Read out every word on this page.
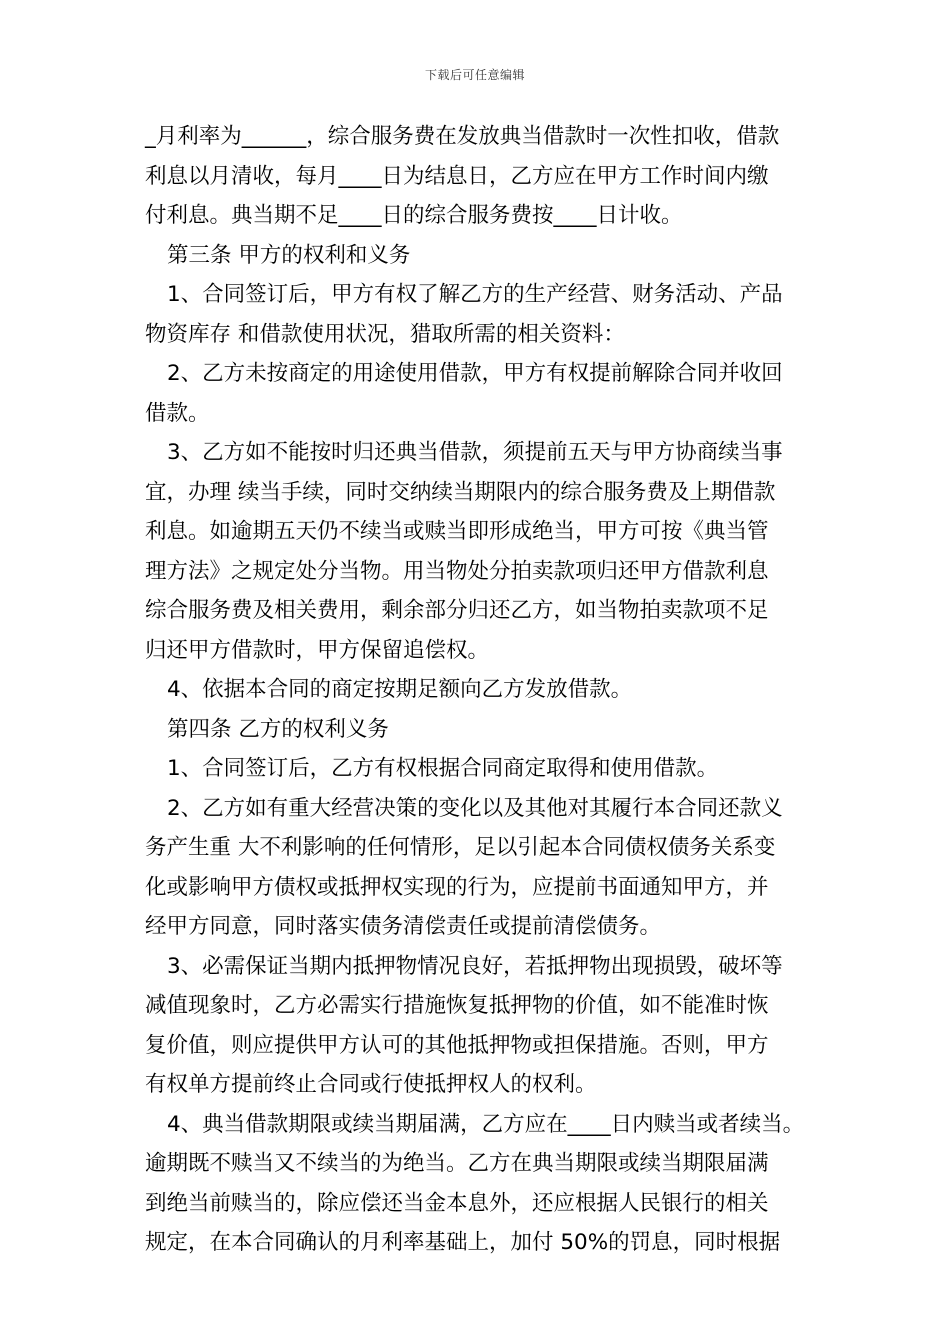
下载后可任意编辑
_月利率为______，综合服务费在发放典当借款时一次性扣收，借款
利息以月清收，每月____日为结息日，乙方应在甲方工作时间内缴
付利息。典当期不足____日的综合服务费按____日计收。
第三条 甲方的权利和义务
1、合同签订后，甲方有权了解乙方的生产经营、财务活动、产品
物资库存 和借款使用状况，猎取所需的相关资料：
2、乙方未按商定的用途使用借款，甲方有权提前解除合同并收回
借款。
3、乙方如不能按时归还典当借款，须提前五天与甲方协商续当事
宜，办理 续当手续，同时交纳续当期限内的综合服务费及上期借款
利息。如逾期五天仍不续当或赎当即形成绝当，甲方可按《典当管
理方法》之规定处分当物。用当物处分拍卖款项归还甲方借款利息
综合服务费及相关费用，剩余部分归还乙方，如当物拍卖款项不足
归还甲方借款时，甲方保留追偿权。
4、依据本合同的商定按期足额向乙方发放借款。
第四条 乙方的权利义务
1、合同签订后，乙方有权根据合同商定取得和使用借款。
2、乙方如有重大经营决策的变化以及其他对其履行本合同还款义
务产生重 大不利影响的任何情形，足以引起本合同债权债务关系变
化或影响甲方债权或抵押权实现的行为，应提前书面通知甲方，并
经甲方同意，同时落实债务清偿责任或提前清偿债务。
3、必需保证当期内抵押物情况良好，若抵押物出现损毁，破坏等
减值现象时，乙方必需实行措施恢复抵押物的价值，如不能准时恢
复价值，则应提供甲方认可的其他抵押物或担保措施。否则，甲方
有权单方提前终止合同或行使抵押权人的权利。
4、典当借款期限或续当期届满，乙方应在____日内赎当或者续当。
逾期既不赎当又不续当的为绝当。乙方在典当期限或续当期限届满
到绝当前赎当的，除应偿还当金本息外，还应根据人民银行的相关
规定，在本合同确认的月利率基础上，加付 50%的罚息，同时根据
